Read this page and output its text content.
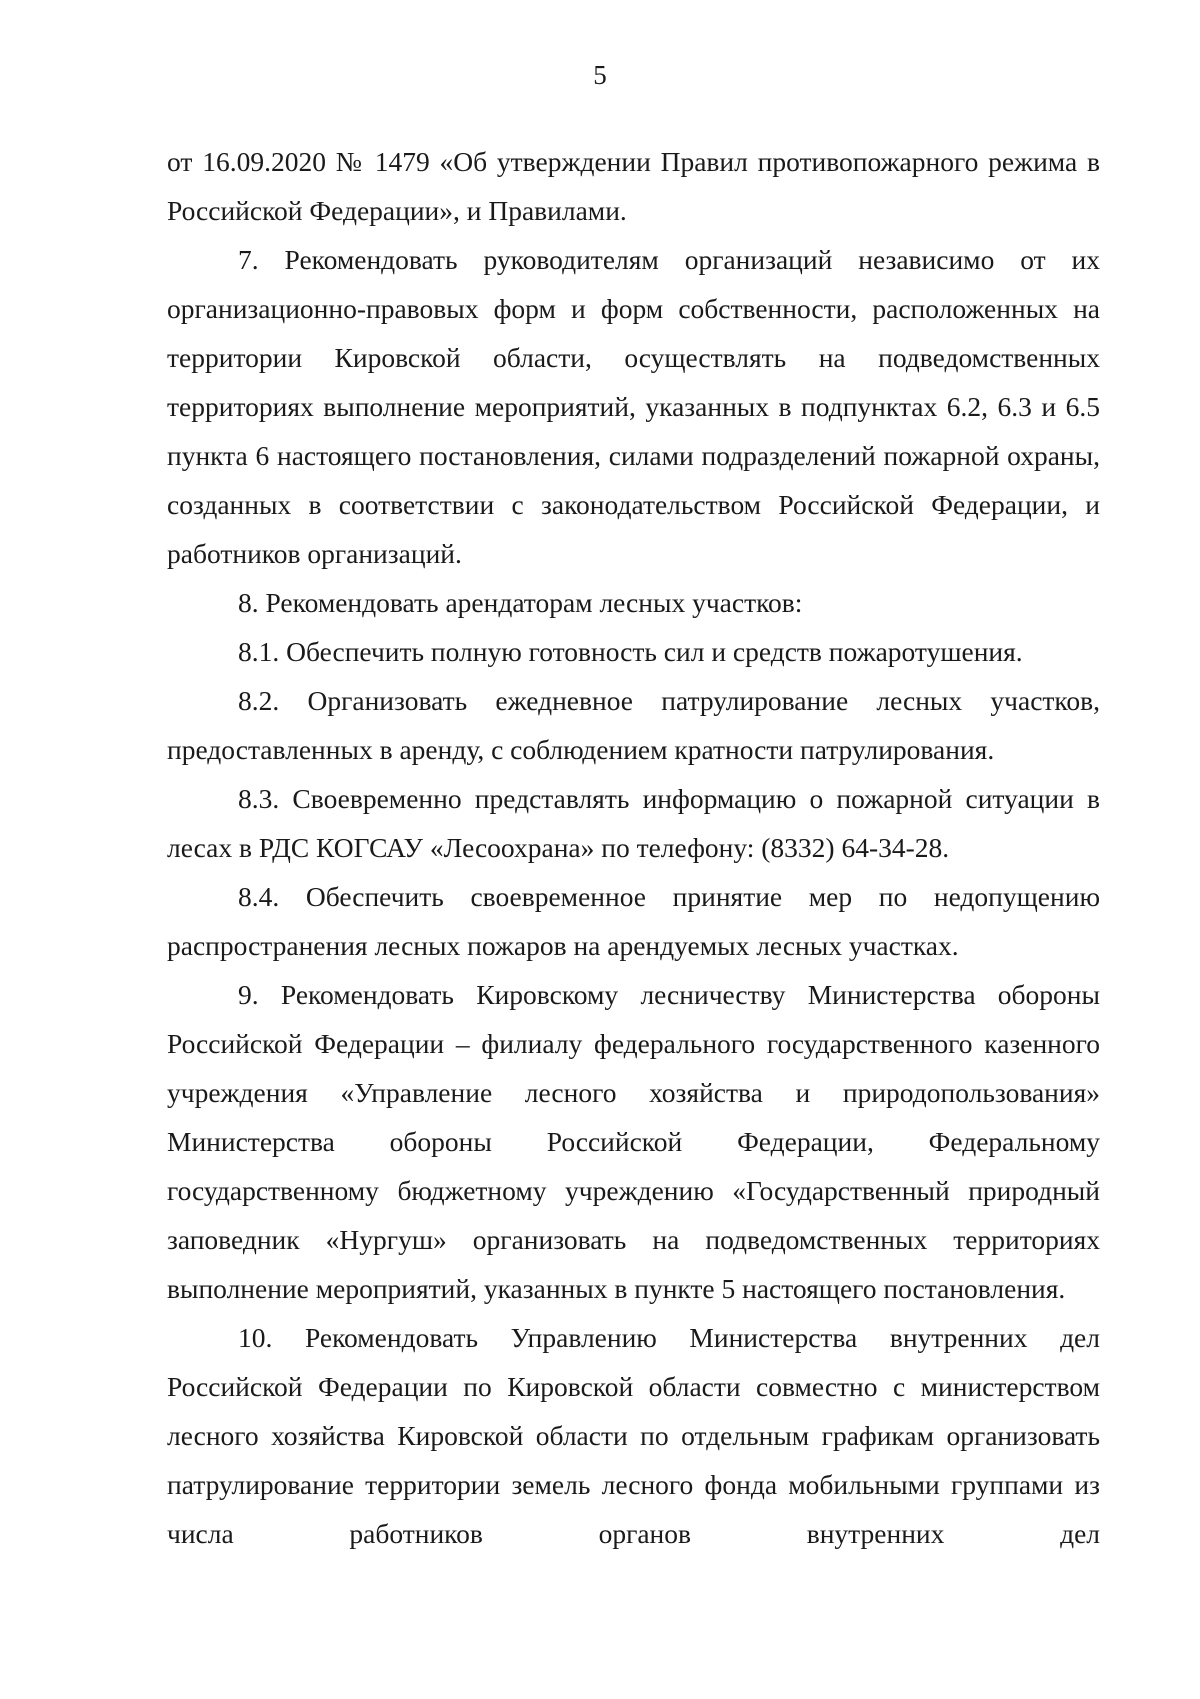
5

от 16.09.2020 № 1479 «Об утверждении Правил противопожарного режима в Российской Федерации», и Правилами.

7. Рекомендовать руководителям организаций независимо от их организационно-правовых форм и форм собственности, расположенных на территории Кировской области, осуществлять на подведомственных территориях выполнение мероприятий, указанных в подпунктах 6.2, 6.3 и 6.5 пункта 6 настоящего постановления, силами подразделений пожарной охраны, созданных в соответствии с законодательством Российской Федерации, и работников организаций.

8. Рекомендовать арендаторам лесных участков:

8.1. Обеспечить полную готовность сил и средств пожаротушения.

8.2. Организовать ежедневное патрулирование лесных участков, предоставленных в аренду, с соблюдением кратности патрулирования.

8.3. Своевременно представлять информацию о пожарной ситуации в лесах в РДС КОГСАУ «Лесоохрана» по телефону: (8332) 64-34-28.

8.4. Обеспечить своевременное принятие мер по недопущению распространения лесных пожаров на арендуемых лесных участках.

9. Рекомендовать Кировскому лесничеству Министерства обороны Российской Федерации – филиалу федерального государственного казенного учреждения «Управление лесного хозяйства и природопользования» Министерства обороны Российской Федерации, Федеральному государственному бюджетному учреждению «Государственный природный заповедник «Нургуш» организовать на подведомственных территориях выполнение мероприятий, указанных в пункте 5 настоящего постановления.

10. Рекомендовать Управлению Министерства внутренних дел Российской Федерации по Кировской области совместно с министерством лесного хозяйства Кировской области по отдельным графикам организовать патрулирование территории земель лесного фонда мобильными группами из числа работников органов внутренних дел
